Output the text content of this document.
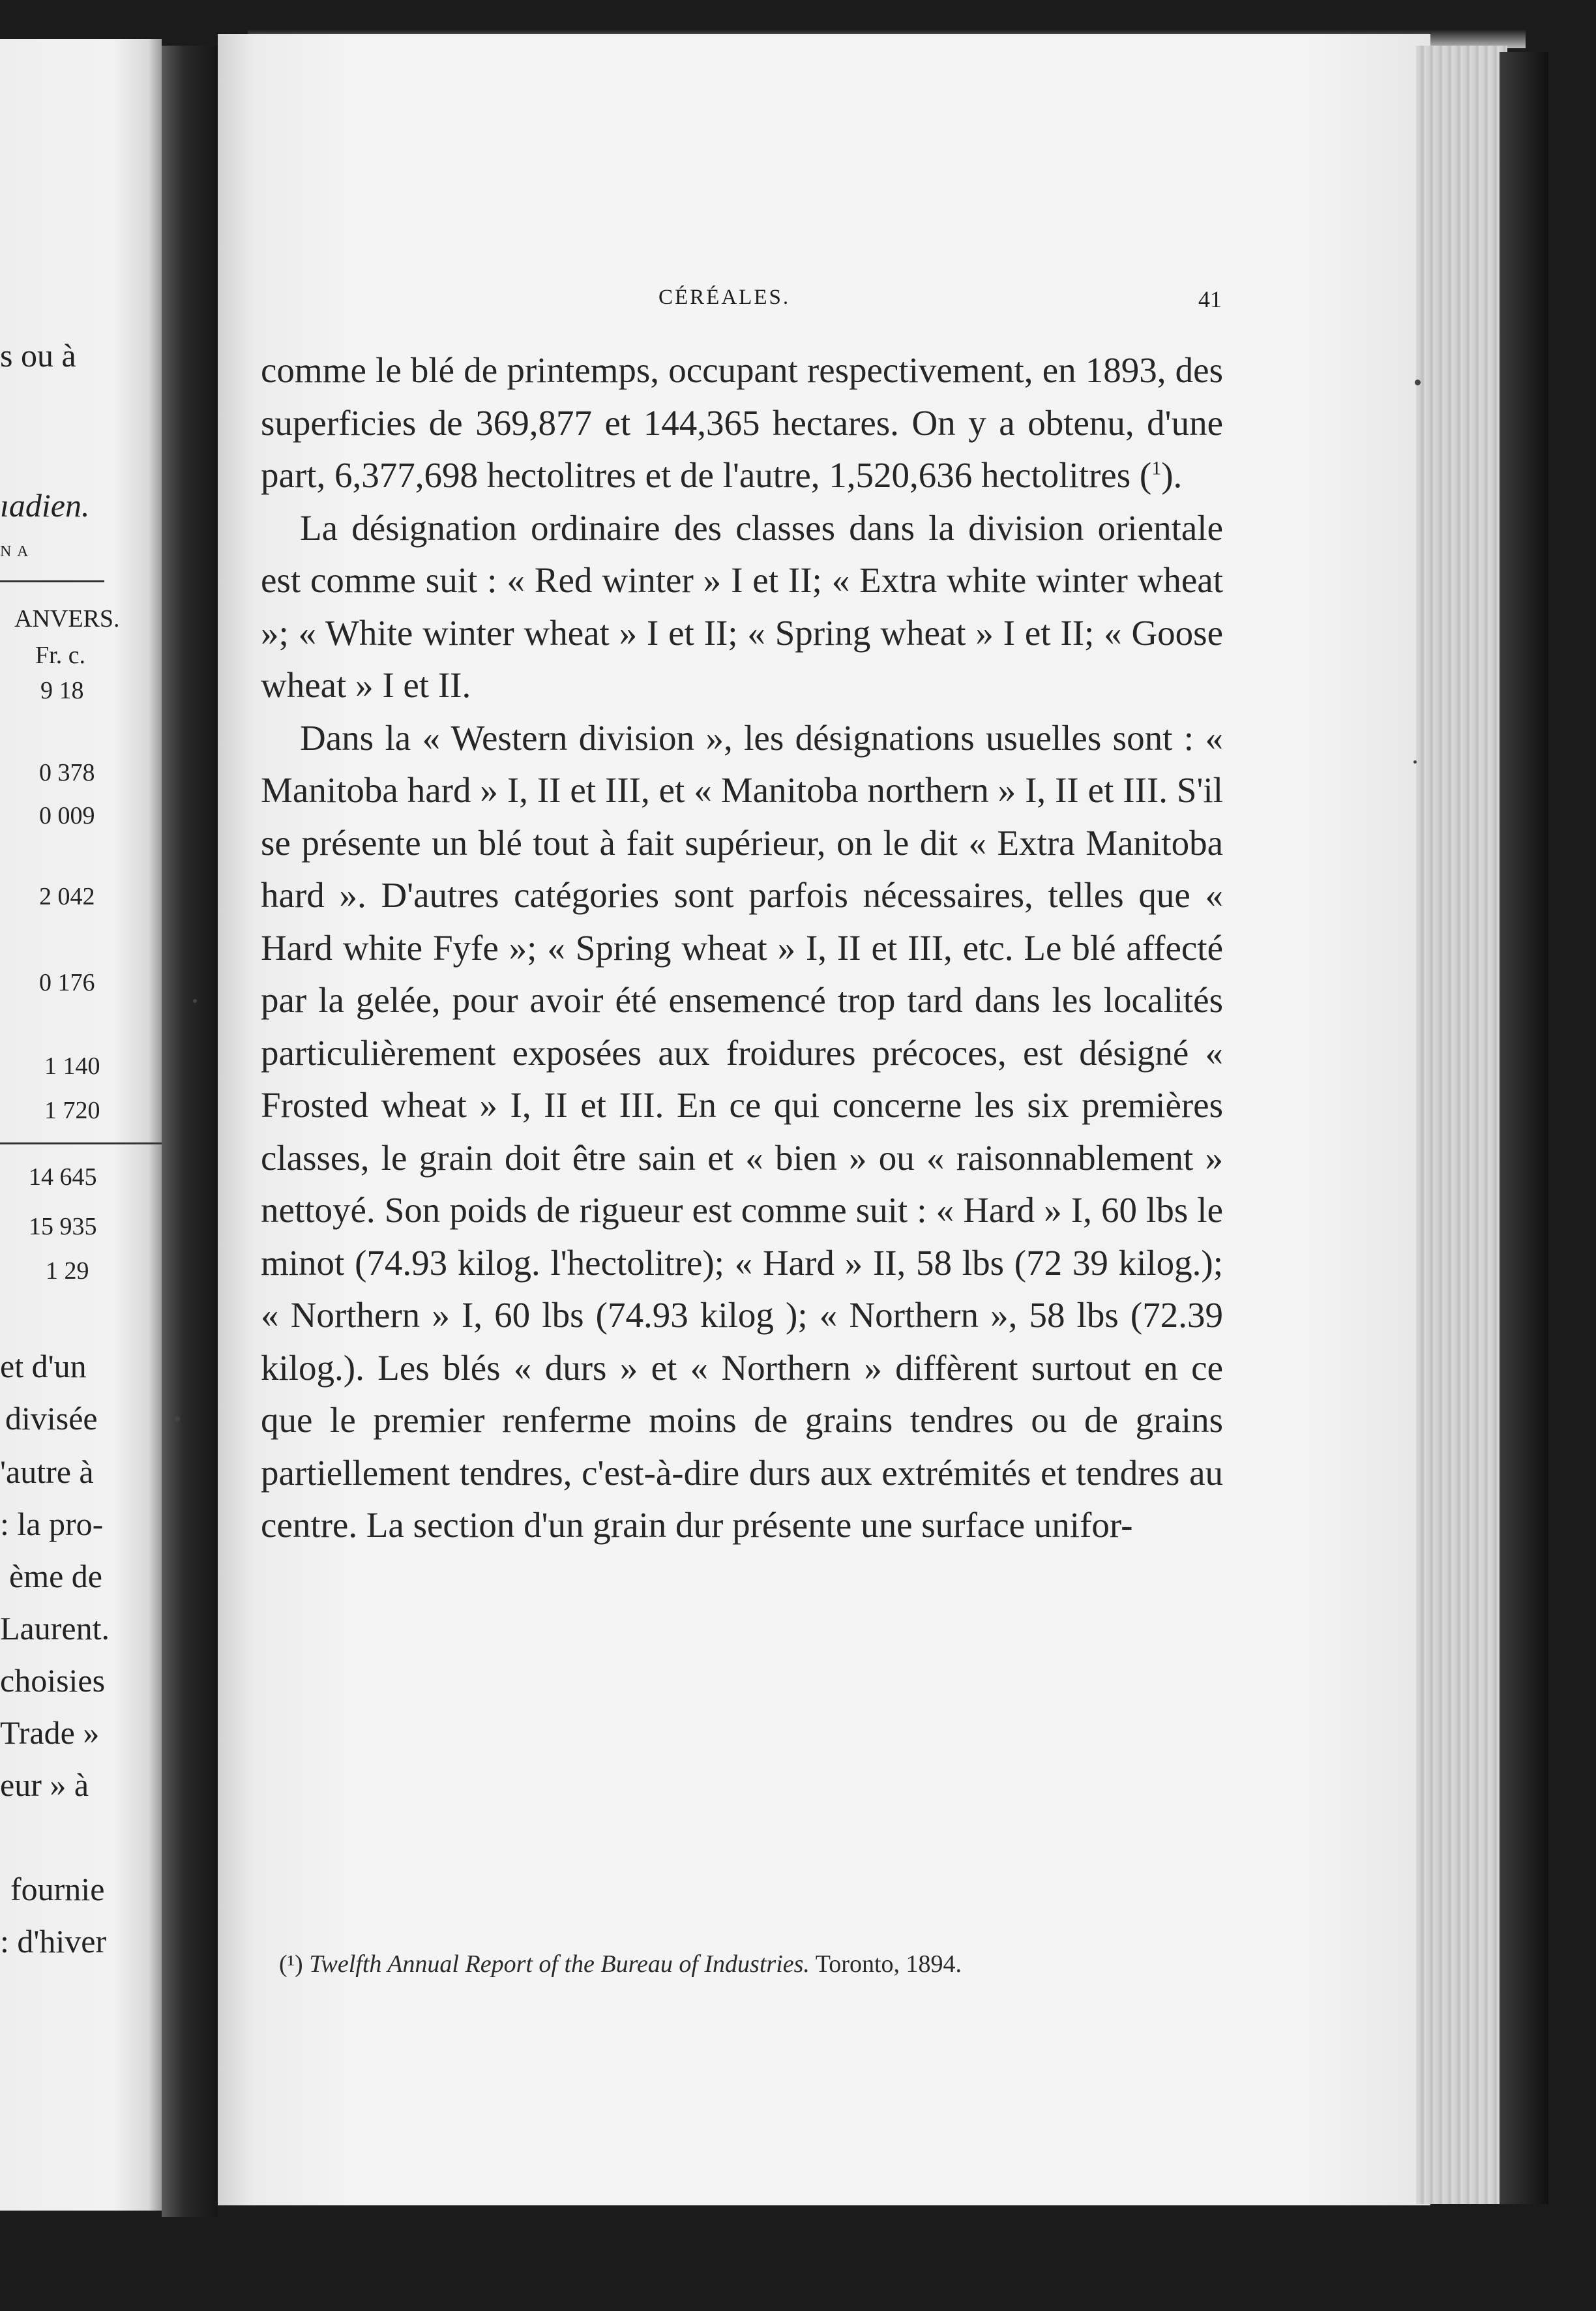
s ou à
ıadien.
N A
ANVERS.
Fr. c.
9 18
0 378
0 009
2 042
0 176
1 140
1 720
14 645
15 935
1 29
et d'un
divisée
'autre à
: la pro-
ème de
Laurent.
choisies
Trade »
eur » à
fournie
: d'hiver
CÉRÉALES.	41

comme le blé de printemps, occupant respectivement, en 1893, des superficies de 369,877 et 144,365 hectares. On y a obtenu, d'une part, 6,377,698 hectolitres et de l'autre, 1,520,636 hectolitres ($^1$).

La désignation ordinaire des classes dans la division orientale est comme suit : « Red winter » I et II; « Extra white winter wheat »; « White winter wheat » I et II; « Spring wheat » I et II; « Goose wheat » I et II.

Dans la « Western division », les désignations usuelles sont : « Manitoba hard » I, II et III, et « Manitoba northern » I, II et III. S'il se présente un blé tout à fait supérieur, on le dit « Extra Manitoba hard ». D'autres catégories sont parfois nécessaires, telles que « Hard white Fyfe »; « Spring wheat » I, II et III, etc. Le blé affecté par la gelée, pour avoir été ensemencé trop tard dans les localités particulièrement exposées aux froidures précoces, est désigné « Frosted wheat » I, II et III. En ce qui concerne les six premières classes, le grain doit être sain et « bien » ou « raisonnablement » nettoyé. Son poids de rigueur est comme suit : « Hard » I, 60 lbs le minot (74.93 kilog. l'hectolitre); « Hard » II, 58 lbs (72 39 kilog.); « Northern » I, 60 lbs (74.93 kilog ); « Northern », 58 lbs (72.39 kilog.). Les blés « durs » et « Northern » diffèrent surtout en ce que le premier renferme moins de grains tendres ou de grains partiellement tendres, c'est-à-dire durs aux extrémités et tendres au centre. La section d'un grain dur présente une surface unifor-

(¹) Twelfth Annual Report of the Bureau of Industries. Toronto, 1894.
